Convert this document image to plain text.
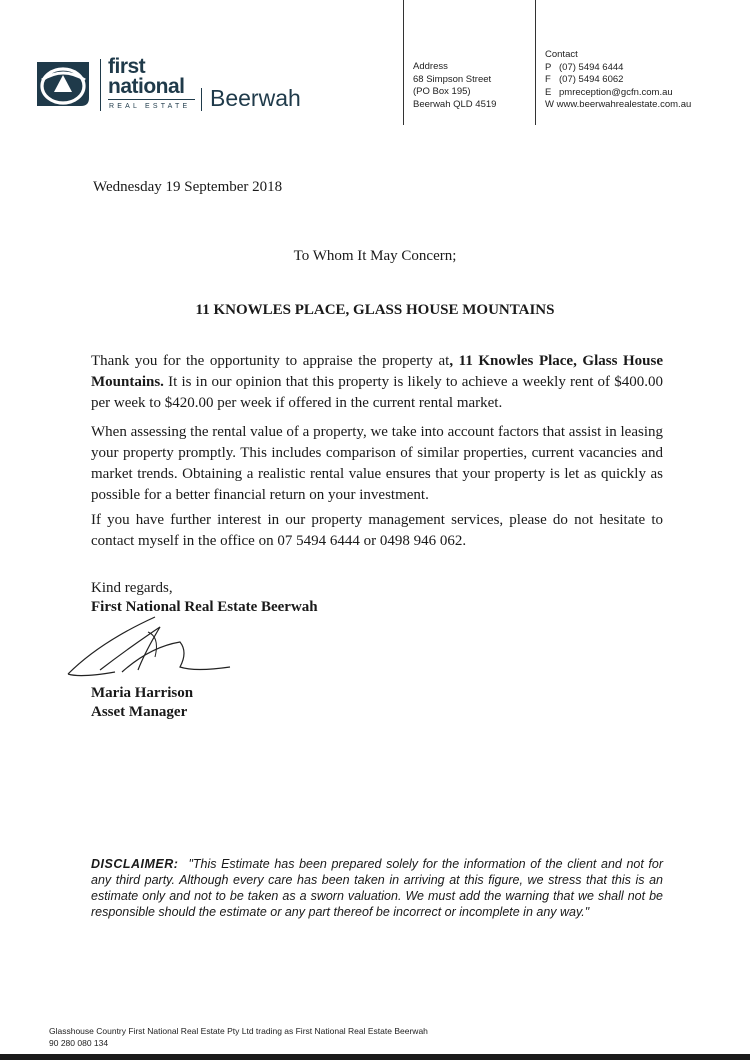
first
national
REAL ESTATE Beerwah
Address
68 Simpson Street
(PO Box 195)
Beerwah QLD 4519
Contact
P (07) 5494 6444
F (07) 5494 6062
E pmreception@gcfn.com.au
W www.beerwahrealestate.com.au
Wednesday 19 September 2018
To Whom It May Concern;
11 KNOWLES PLACE, GLASS HOUSE MOUNTAINS
Thank you for the opportunity to appraise the property at, 11 Knowles Place, Glass House Mountains. It is in our opinion that this property is likely to achieve a weekly rent of $400.00 per week to $420.00 per week if offered in the current rental market.
When assessing the rental value of a property, we take into account factors that assist in leasing your property promptly. This includes comparison of similar properties, current vacancies and market trends. Obtaining a realistic rental value ensures that your property is let as quickly as possible for a better financial return on your investment.
If you have further interest in our property management services, please do not hesitate to contact myself in the office on 07 5494 6444 or 0498 946 062.
Kind regards,
First National Real Estate Beerwah
Maria Harrison
Asset Manager
DISCLAIMER: "This Estimate has been prepared solely for the information of the client and not for any third party. Although every care has been taken in arriving at this figure, we stress that this is an estimate only and not to be taken as a sworn valuation. We must add the warning that we shall not be responsible should the estimate or any part thereof be incorrect or incomplete in any way."
Glasshouse Country First National Real Estate Pty Ltd trading as First National Real Estate Beerwah
90 280 080 134
